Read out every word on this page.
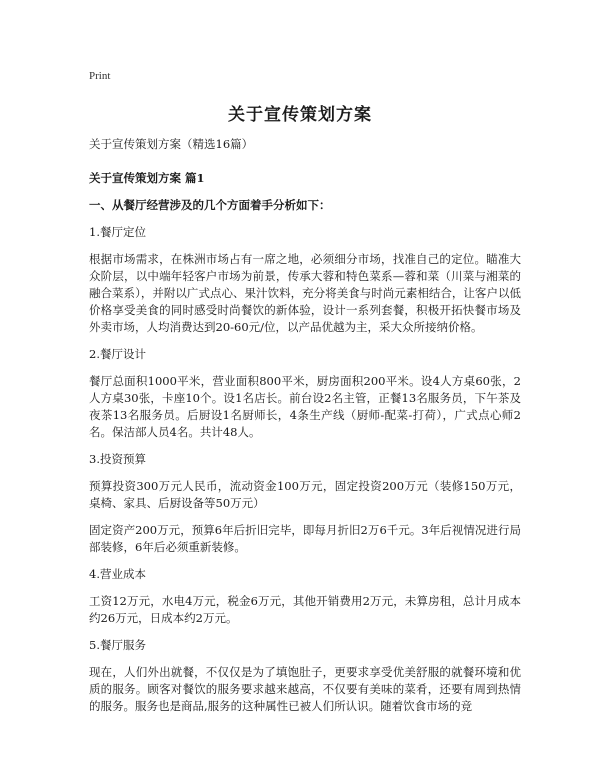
Print
关于宣传策划方案

关于宣传策划方案（精选16篇）

关于宣传策划方案 篇1

一、从餐厅经营涉及的几个方面着手分析如下：

1.餐厅定位

根据市场需求，在株洲市场占有一席之地，必须细分市场，找准自己的定位。瞄准大众阶层，以中端年轻客户市场为前景，传承大蓉和特色菜系—蓉和菜（川菜与湘菜的融合菜系），并附以广式点心、果汁饮料，充分将美食与时尚元素相结合，让客户以低价格享受美食的同时感受时尚餐饮的新体验，设计一系列套餐，积极开拓快餐市场及外卖市场，人均消费达到20-60元/位，以产品优越为主，采大众所接纳价格。

2.餐厅设计

餐厅总面积1000平米，营业面积800平米，厨房面积200平米。设4人方桌60张，2人方桌30张，卡座10个。设1名店长。前台设2名主管，正餐13名服务员，下午茶及夜茶13名服务员。后厨设1名厨师长，4条生产线（厨师-配菜-打荷），广式点心师2名。保洁部人员4名。共计48人。

3.投资预算

预算投资300万元人民币，流动资金100万元，固定投资200万元（装修150万元，桌椅、家具、后厨设备等50万元）

固定资产200万元，预算6年后折旧完毕，即每月折旧2万6千元。3年后视情况进行局部装修，6年后必须重新装修。

4.营业成本

工资12万元，水电4万元，税金6万元，其他开销费用2万元，未算房租，总计月成本约26万元，日成本约2万元。

5.餐厅服务

现在，人们外出就餐，不仅仅是为了填饱肚子，更要求享受优美舒服的就餐环境和优质的服务。顾客对餐饮的服务要求越来越高，不仅要有美味的菜肴，还要有周到热情的服务。服务也是商品,服务的这种属性已被人们所认识。随着饮食市场的竞
